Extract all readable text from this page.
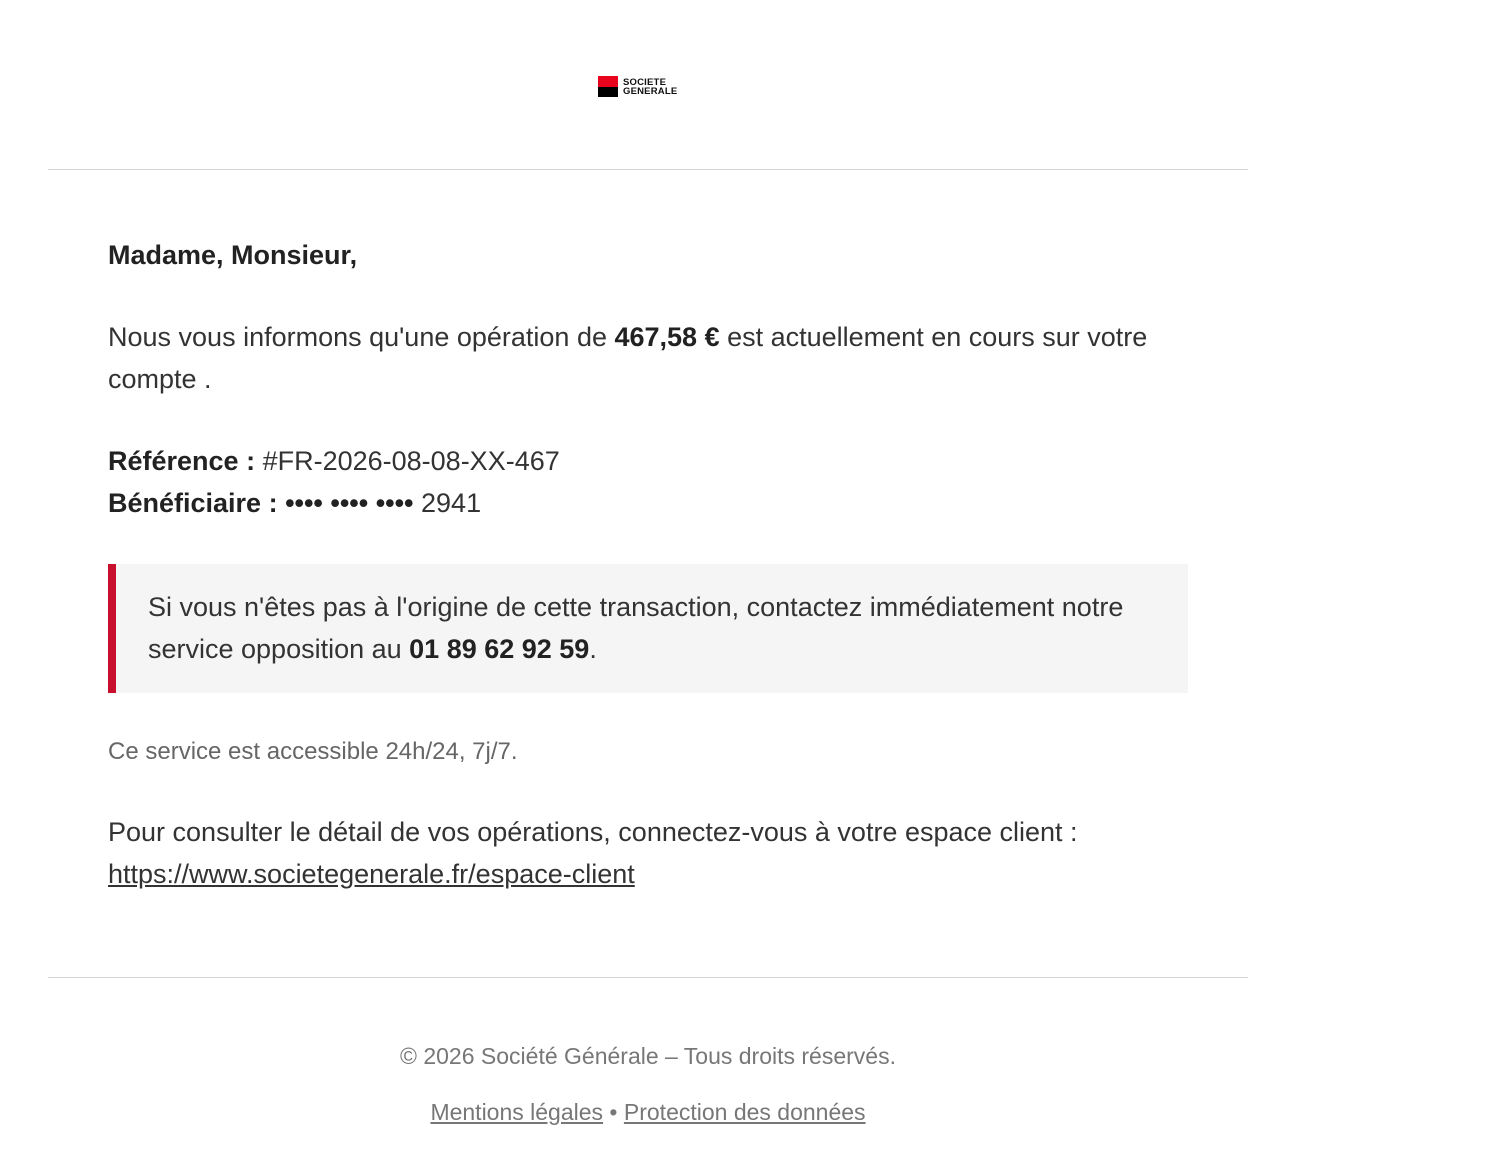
SOCIETE
GENERALE

Madame, Monsieur,

Nous vous informons qu'une opération de 467,58 € est actuellement en cours sur votre compte .

Référence : #FR-2026-08-08-XX-467
Bénéficiaire : •••• •••• •••• 2941
Si vous n'êtes pas à l'origine de cette transaction, contactez immédiatement notre service opposition au 01 89 62 92 59.

Ce service est accessible 24h/24, 7j/7.

Pour consulter le détail de vos opérations, connectez-vous à votre espace client :
https://www.societegenerale.fr/espace-client

© 2026 Société Générale – Tous droits réservés.
Mentions légales • Protection des données
